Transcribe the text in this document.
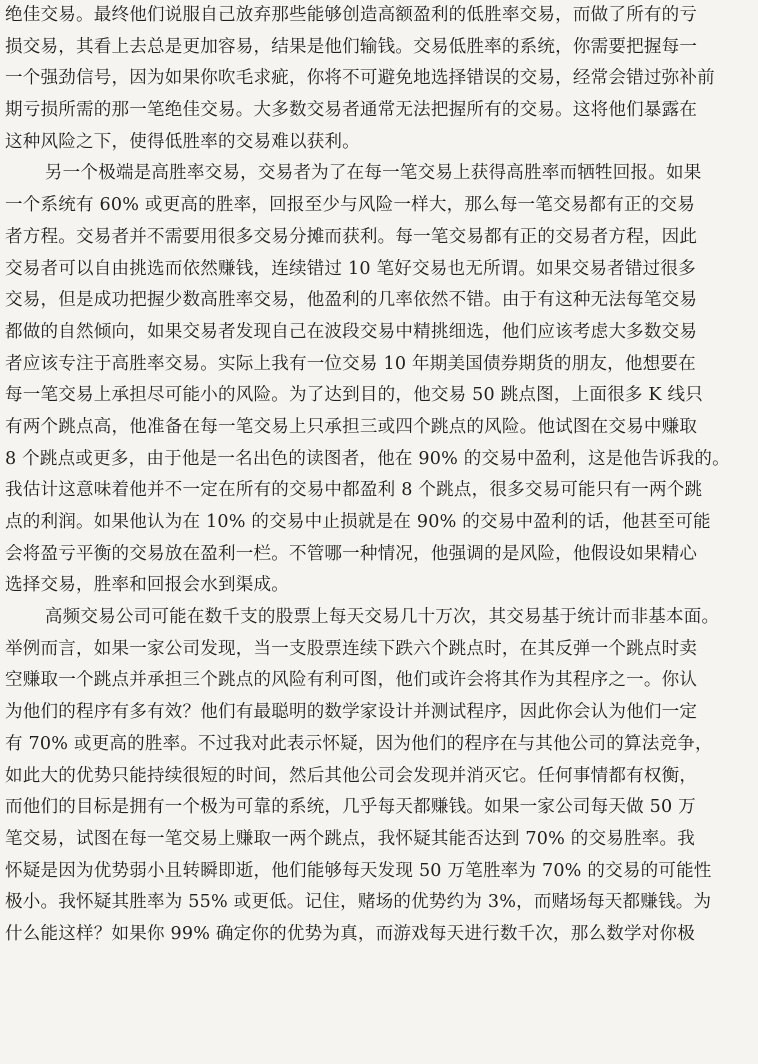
绝佳交易。最终他们说服自己放弃那些能够创造高额盈利的低胜率交易，而做了所有的亏
损交易，其看上去总是更加容易，结果是他们输钱。交易低胜率的系统，你需要把握每一
一个强劲信号，因为如果你吹毛求疵，你将不可避免地选择错误的交易，经常会错过弥补前
期亏损所需的那一笔绝佳交易。大多数交易者通常无法把握所有的交易。这将他们暴露在
这种风险之下，使得低胜率的交易难以获利。
另一个极端是高胜率交易，交易者为了在每一笔交易上获得高胜率而牺牲回报。如果
一个系统有 60% 或更高的胜率，回报至少与风险一样大，那么每一笔交易都有正的交易
者方程。交易者并不需要用很多交易分摊而获利。每一笔交易都有正的交易者方程，因此
交易者可以自由挑选而依然赚钱，连续错过 10 笔好交易也无所谓。如果交易者错过很多
交易，但是成功把握少数高胜率交易，他盈利的几率依然不错。由于有这种无法每笔交易
都做的自然倾向，如果交易者发现自己在波段交易中精挑细选，他们应该考虑大多数交易
者应该专注于高胜率交易。实际上我有一位交易 10 年期美国债券期货的朋友，他想要在
每一笔交易上承担尽可能小的风险。为了达到目的，他交易 50 跳点图，上面很多 K 线只
有两个跳点高，他准备在每一笔交易上只承担三或四个跳点的风险。他试图在交易中赚取
8 个跳点或更多，由于他是一名出色的读图者，他在 90% 的交易中盈利，这是他告诉我的。
我估计这意味着他并不一定在所有的交易中都盈利 8 个跳点，很多交易可能只有一两个跳
点的利润。如果他认为在 10% 的交易中止损就是在 90% 的交易中盈利的话，他甚至可能
会将盈亏平衡的交易放在盈利一栏。不管哪一种情况，他强调的是风险，他假设如果精心
选择交易，胜率和回报会水到渠成。
高频交易公司可能在数千支的股票上每天交易几十万次，其交易基于统计而非基本面。
举例而言，如果一家公司发现，当一支股票连续下跌六个跳点时，在其反弹一个跳点时卖
空赚取一个跳点并承担三个跳点的风险有利可图，他们或许会将其作为其程序之一。你认
为他们的程序有多有效？他们有最聪明的数学家设计并测试程序，因此你会认为他们一定
有 70% 或更高的胜率。不过我对此表示怀疑，因为他们的程序在与其他公司的算法竞争，
如此大的优势只能持续很短的时间，然后其他公司会发现并消灭它。任何事情都有权衡，
而他们的目标是拥有一个极为可靠的系统，几乎每天都赚钱。如果一家公司每天做 50 万
笔交易，试图在每一笔交易上赚取一两个跳点，我怀疑其能否达到 70% 的交易胜率。我
怀疑是因为优势弱小且转瞬即逝，他们能够每天发现 50 万笔胜率为 70% 的交易的可能性
极小。我怀疑其胜率为 55% 或更低。记住，赌场的优势约为 3%，而赌场每天都赚钱。为
什么能这样？如果你 99% 确定你的优势为真，而游戏每天进行数千次，那么数学对你极
